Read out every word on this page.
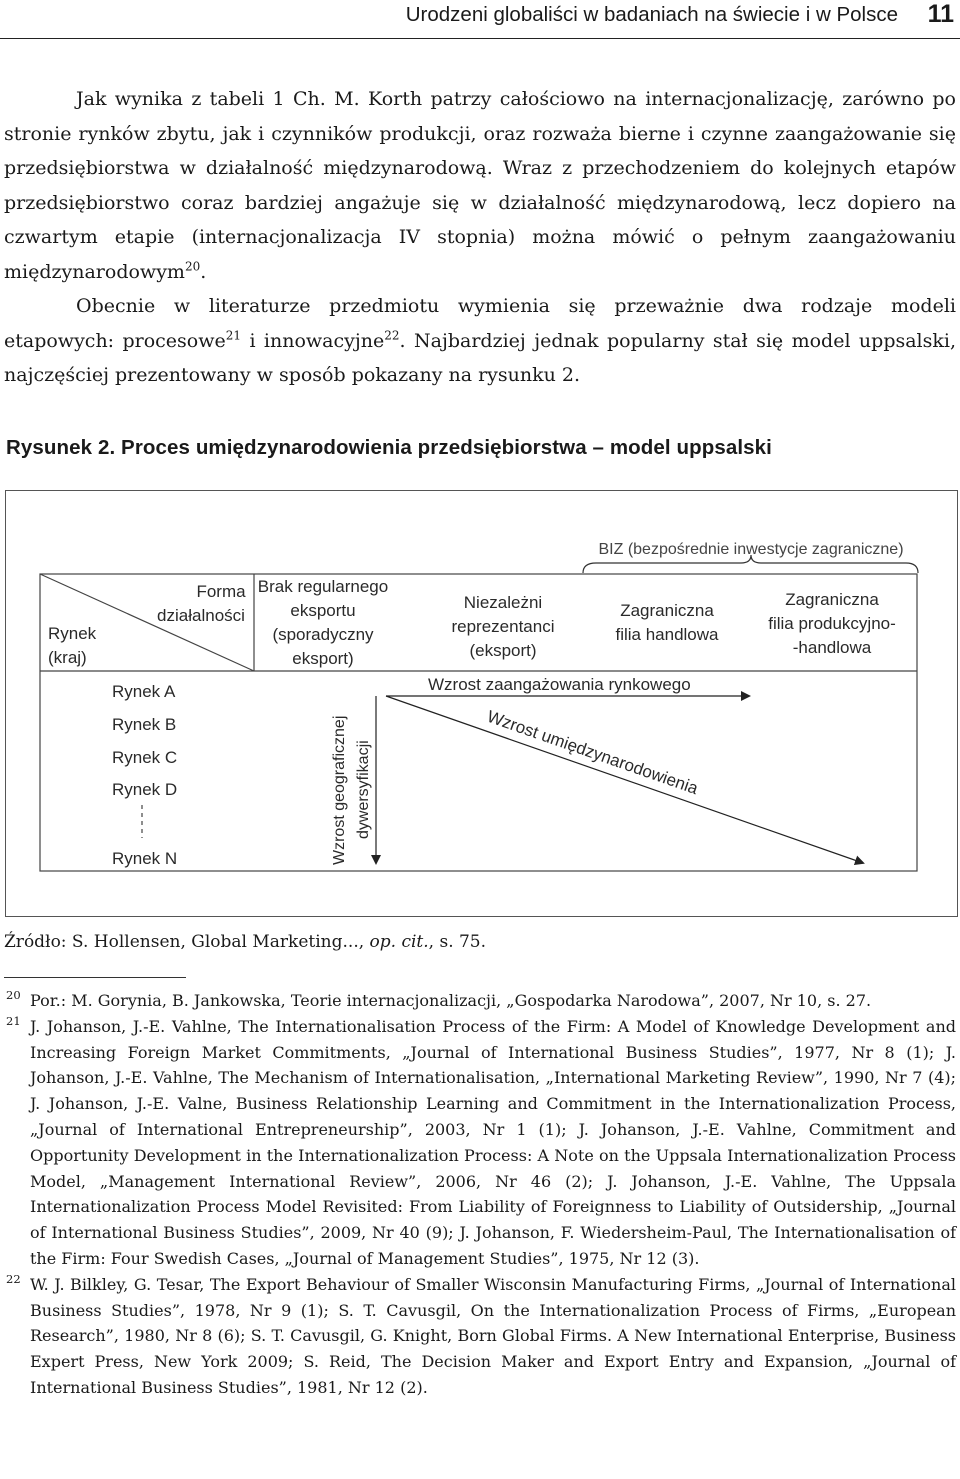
Urodzeni globaliści w badaniach na świecie i w Polsce 11

Jak wynika z tabeli 1 Ch. M. Korth patrzy całościowo na internacjonalizację, zarówno po stronie rynków zbytu, jak i czynników produkcji, oraz rozważa bierne i czynne zaangażowanie się przedsiębiorstwa w działalność międzynarodową. Wraz z przechodzeniem do kolejnych etapów przedsiębiorstwo coraz bardziej angażuje się w działalność międzynarodową, lecz dopiero na czwartym etapie (internacjonalizacja IV stopnia) można mówić o pełnym zaangażowaniu międzynarodowym$^{20}$.

Obecnie w literaturze przedmiotu wymienia się przeważnie dwa rodzaje modeli etapowych: procesowe$^{21}$ i innowacyjne$^{22}$. Najbardziej jednak popularny stał się model uppsalski, najczęściej prezentowany w sposób pokazany na rysunku 2.

Rysunek 2. Proces umiędzynarodowienia przedsiębiorstwa – model uppsalski
BIZ (bezpośrednie inwestycje zagraniczne)
Forma
działalności
Rynek
(kraj)
Brak regularnego
eksportu
(sporadyczny
eksport)
Niezależni
reprezentanci
(eksport)
Zagraniczna
filia handlowa
Zagraniczna
filia produkcyjno-
-handlowa
Rynek A
Rynek B
Rynek C
Rynek D
Rynek N
Wzrost zaangażowania rynkowego
Wzrost geograficznej dywersyfikacji	Wzrost umiędzynarodowienia
Źródło: S. Hollensen, Global Marketing..., op. cit., s. 75.
20 Por.: M. Gorynia, B. Jankowska, Teorie internacjonalizacji, „Gospodarka Narodowa”, 2007, Nr 10, s. 27.
21 J. Johanson, J.-E. Vahlne, The Internationalisation Process of the Firm: A Model of Knowledge Development and Increasing Foreign Market Commitments, „Journal of International Business Studies”, 1977, Nr 8 (1); J. Johanson, J.-E. Vahlne, The Mechanism of Internationalisation, „International Marketing Review”, 1990, Nr 7 (4); J. Johanson, J.-E. Valne, Business Relationship Learning and Commitment in the Internationalization Process, „Journal of International Entrepreneurship”, 2003, Nr 1 (1); J. Johanson, J.-E. Vahlne, Commitment and Opportunity Development in the Internationalization Process: A Note on the Uppsala Internationalization Process Model, „Management International Review”, 2006, Nr 46 (2); J. Johanson, J.-E. Vahlne, The Uppsala Internationalization Process Model Revisited: From Liability of Foreignness to Liability of Outsidership, „Journal of International Business Studies”, 2009, Nr 40 (9); J. Johanson, F. Wiedersheim-Paul, The Internationalisation of the Firm: Four Swedish Cases, „Journal of Management Studies”, 1975, Nr 12 (3).
22 W. J. Bilkley, G. Tesar, The Export Behaviour of Smaller Wisconsin Manufacturing Firms, „Journal of International Business Studies”, 1978, Nr 9 (1); S. T. Cavusgil, On the Internationalization Process of Firms, „European Research”, 1980, Nr 8 (6); S. T. Cavusgil, G. Knight, Born Global Firms. A New International Enterprise, Business Expert Press, New York 2009; S. Reid, The Decision Maker and Export Entry and Expansion, „Journal of International Business Studies”, 1981, Nr 12 (2).
